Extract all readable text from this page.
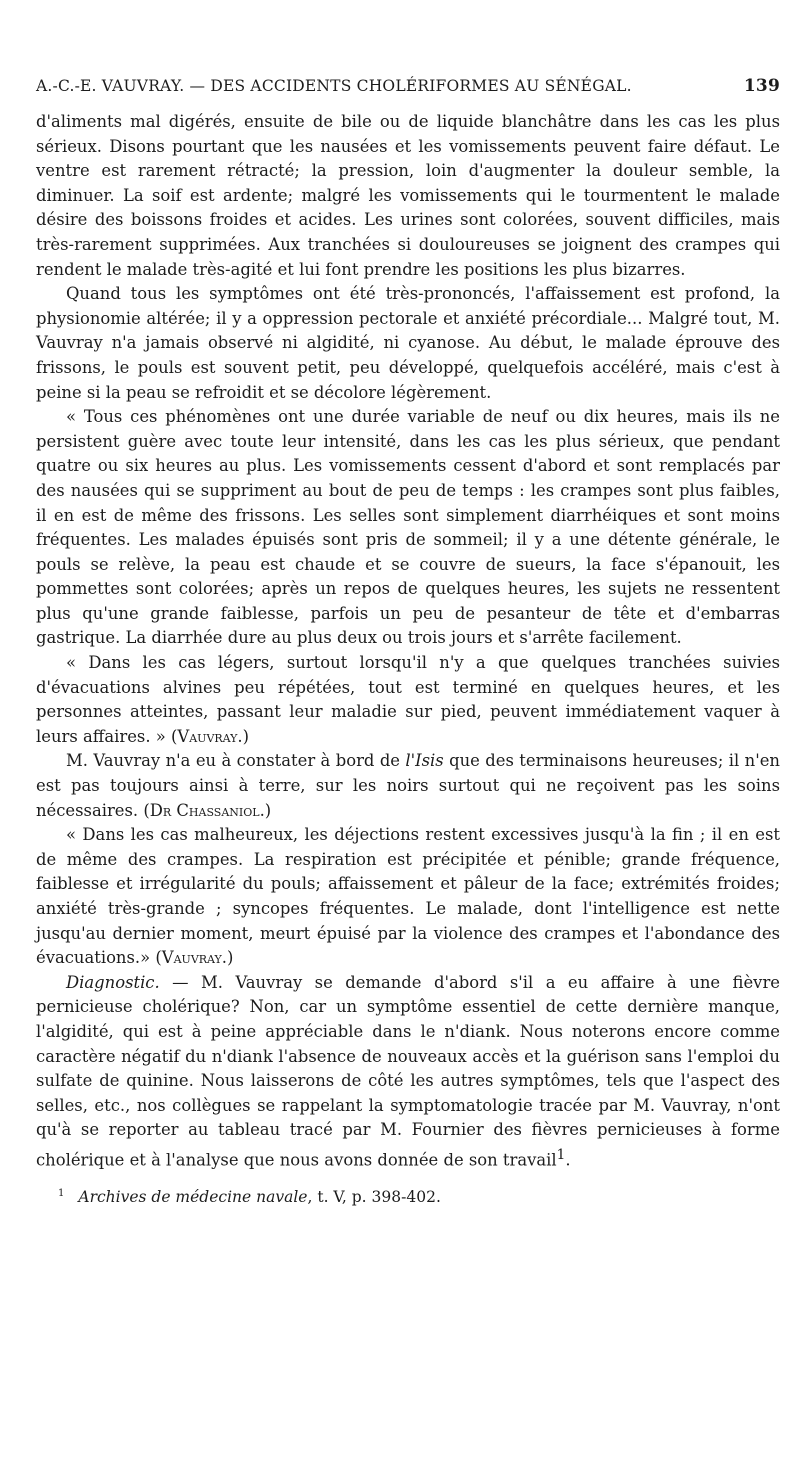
A.-C.-E. VAUVRAY. — DES ACCIDENTS CHOLÉRIFORMES AU SÉNÉGAL.	139

d'aliments mal digérés, ensuite de bile ou de liquide blanchâtre dans les cas les plus sérieux. Disons pourtant que les nausées et les vomissements peuvent faire défaut. Le ventre est rarement rétracté; la pression, loin d'augmenter la douleur semble, la diminuer. La soif est ardente; malgré les vomissements qui le tourmentent le malade désire des boissons froides et acides. Les urines sont colorées, souvent difficiles, mais très-rarement supprimées. Aux tranchées si douloureuses se joignent des crampes qui rendent le malade très-agité et lui font prendre les positions les plus bizarres.

Quand tous les symptômes ont été très-prononcés, l'affaissement est profond, la physionomie altérée; il y a oppression pectorale et anxiété précordiale... Malgré tout, M. Vauvray n'a jamais observé ni algidité, ni cyanose. Au début, le malade éprouve des frissons, le pouls est souvent petit, peu développé, quelquefois accéléré, mais c'est à peine si la peau se refroidit et se décolore légèrement.

« Tous ces phénomènes ont une durée variable de neuf ou dix heures, mais ils ne persistent guère avec toute leur intensité, dans les cas les plus sérieux, que pendant quatre ou six heures au plus. Les vomissements cessent d'abord et sont remplacés par des nausées qui se suppriment au bout de peu de temps : les crampes sont plus faibles, il en est de même des frissons. Les selles sont simplement diarrhéiques et sont moins fréquentes. Les malades épuisés sont pris de sommeil; il y a une détente générale, le pouls se relève, la peau est chaude et se couvre de sueurs, la face s'épanouit, les pommettes sont colorées; après un repos de quelques heures, les sujets ne ressentent plus qu'une grande faiblesse, parfois un peu de pesanteur de tête et d'embarras gastrique. La diarrhée dure au plus deux ou trois jours et s'arrête facilement.

« Dans les cas légers, surtout lorsqu'il n'y a que quelques tranchées suivies d'évacuations alvines peu répétées, tout est terminé en quelques heures, et les personnes atteintes, passant leur maladie sur pied, peuvent immédiatement vaquer à leurs affaires. » (Vauvray.)

M. Vauvray n'a eu à constater à bord de l'Isis que des terminaisons heureuses; il n'en est pas toujours ainsi à terre, sur les noirs surtout qui ne reçoivent pas les soins nécessaires. (Dr Chassaniol.)

« Dans les cas malheureux, les déjections restent excessives jusqu'à la fin ; il en est de même des crampes. La respiration est précipitée et pénible; grande fréquence, faiblesse et irrégularité du pouls; affaissement et pâleur de la face; extrémités froides; anxiété très-grande ; syncopes fréquentes. Le malade, dont l'intelligence est nette jusqu'au dernier moment, meurt épuisé par la violence des crampes et l'abondance des évacuations.» (Vauvray.)

Diagnostic. — M. Vauvray se demande d'abord s'il a eu affaire à une fièvre pernicieuse cholérique? Non, car un symptôme essentiel de cette dernière manque, l'algidité, qui est à peine appréciable dans le n'diank. Nous noterons encore comme caractère négatif du n'diank l'absence de nouveaux accès et la guérison sans l'emploi du sulfate de quinine. Nous laisserons de côté les autres symptômes, tels que l'aspect des selles, etc., nos collègues se rappelant la symptomatologie tracée par M. Vauvray, n'ont qu'à se reporter au tableau tracé par M. Fournier des fièvres pernicieuses à forme cholérique et à l'analyse que nous avons donnée de son travail$^1$.

$^1$ Archives de médecine navale, t. V, p. 398-402.
